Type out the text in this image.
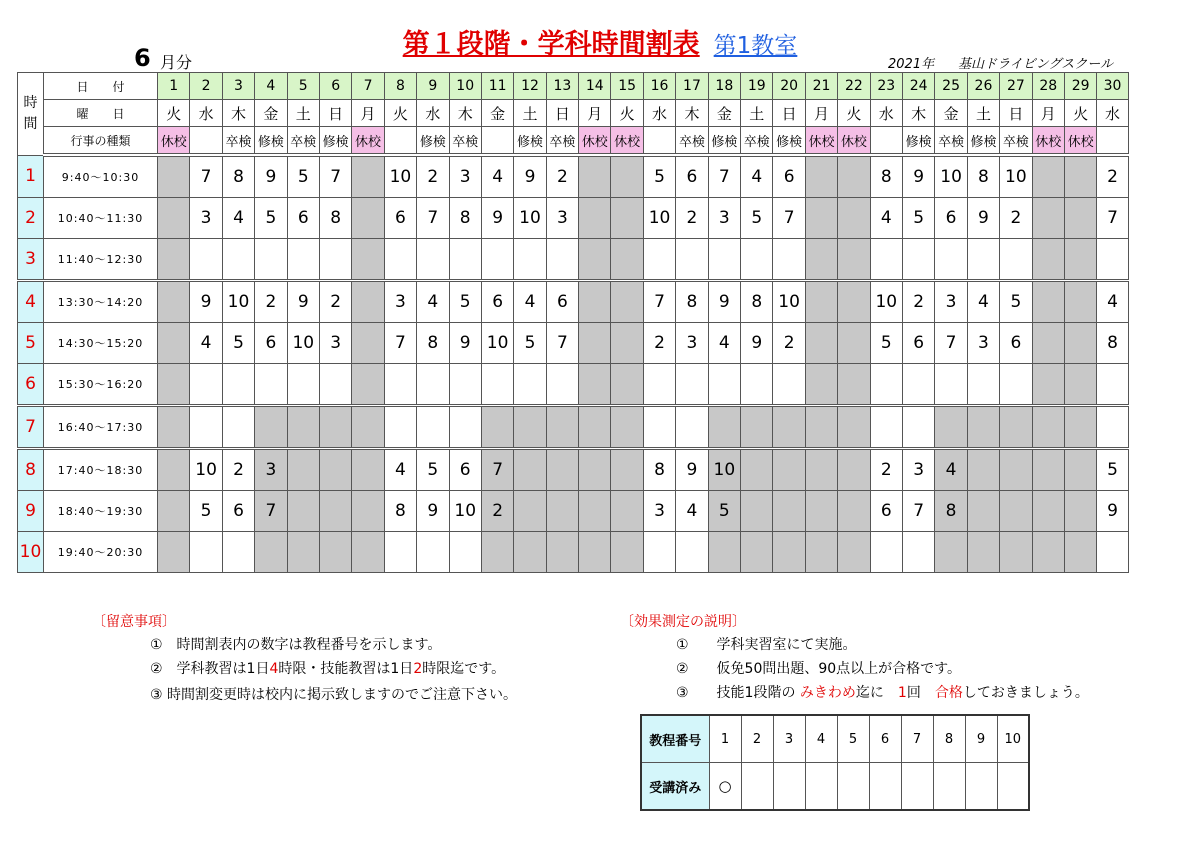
第１段階・学科時間割表 第1教室
6 月分	2021年 基山ドライビングスクール
時
間	日　　付	1	2	3	4	5	6	7	8	9	10	11	12	13	14	15	16	17	18	19	20	21	22	23	24	25	26	27	28	29	30
	曜　　日	火	水	木	金	土	日	月	火	水	木	金	土	日	月	火	水	木	金	土	日	月	火	水	木	金	土	日	月	火	水
	行事の種類	休校		卒検	修検	卒検	修検	休校		修検	卒検		修検	卒検	休校	休校		卒検	修検	卒検	修検	休校	休校		修検	卒検	修検	卒検	休校	休校	
1	9:40～10:30		7	8	9	5	7		10	2	3	4	9	2			5	6	7	4	6			8	9	10	8	10			2
2	10:40～11:30		3	4	5	6	8		6	7	8	9	10	3			10	2	3	5	7			4	5	6	9	2			7
3	11:40～12:30																														
4	13:30～14:20		9	10	2	9	2		3	4	5	6	4	6			7	8	9	8	10			10	2	3	4	5			4
5	14:30～15:20		4	5	6	10	3		7	8	9	10	5	7			2	3	4	9	2			5	6	7	3	6			8
6	15:30～16:20																														
7	16:40～17:30																														
8	17:40～18:30		10	2	3				4	5	6	7					8	9	10					2	3	4					5
9	18:40～19:30		5	6	7				8	9	10	2					3	4	5					6	7	8					9
10	19:40～20:30																														
〔留意事項〕
①　時間割表内の数字は教程番号を示します。
②　学科教習は1日4時限・技能教習は1日2時限迄です。
③ 時間割変更時は校内に掲示致しますのでご注意下さい。
〔効果測定の説明〕
①　　学科実習室にて実施。
②　　仮免50問出題、90点以上が合格です。
③　　技能1段階の みきわめ迄に　 1回　 合格しておきましょう。
教程番号	1	2	3	4	5	6	7	8	9	10
受講済み	○									
